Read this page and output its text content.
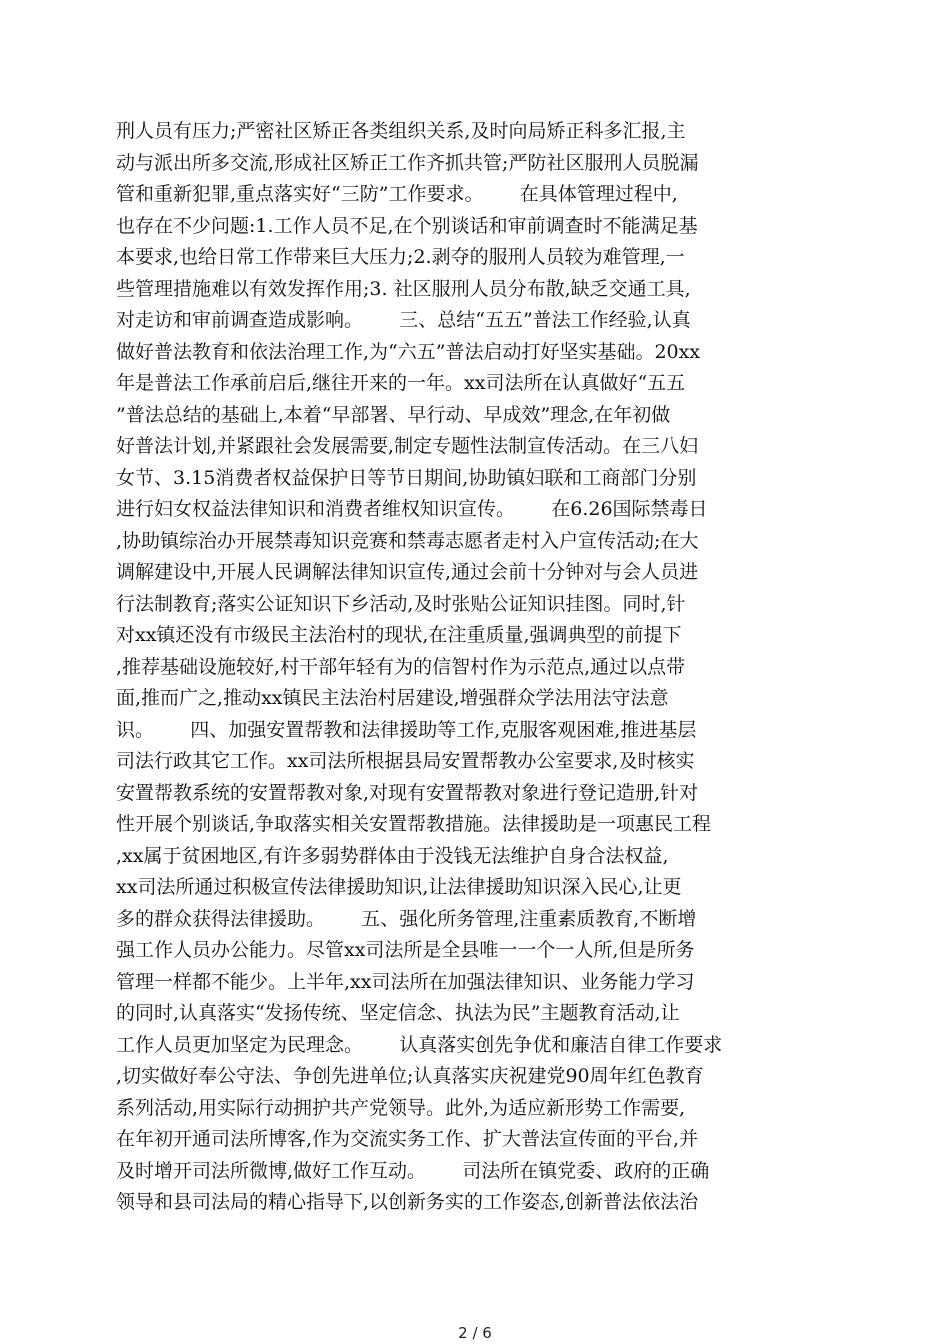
刑人员有压力;严密社区矫正各类组织关系,及时向局矫正科多汇报,主
动与派出所多交流,形成社区矫正工作齐抓共管;严防社区服刑人员脱漏
管和重新犯罪,重点落实好“三防”工作要求。      在具体管理过程中,
也存在不少问题:1.工作人员不足,在个别谈话和审前调查时不能满足基
本要求,也给日常工作带来巨大压力;2.剥夺的服刑人员较为难管理,一
些管理措施难以有效发挥作用;3. 社区服刑人员分布散,缺乏交通工具,
对走访和审前调查造成影响。      三、总结“五五”普法工作经验,认真
做好普法教育和依法治理工作,为“六五”普法启动打好坚实基础。20xx
年是普法工作承前启后,继往开来的一年。xx司法所在认真做好“五五
”普法总结的基础上,本着“早部署、早行动、早成效”理念,在年初做
好普法计划,并紧跟社会发展需要,制定专题性法制宣传活动。在三八妇
女节、3.15消费者权益保护日等节日期间,协助镇妇联和工商部门分别
进行妇女权益法律知识和消费者维权知识宣传。      在6.26国际禁毒日
,协助镇综治办开展禁毒知识竞赛和禁毒志愿者走村入户宣传活动;在大
调解建设中,开展人民调解法律知识宣传,通过会前十分钟对与会人员进
行法制教育;落实公证知识下乡活动,及时张贴公证知识挂图。同时,针
对xx镇还没有市级民主法治村的现状,在注重质量,强调典型的前提下
,推荐基础设施较好,村干部年轻有为的信智村作为示范点,通过以点带
面,推而广之,推动xx镇民主法治村居建设,增强群众学法用法守法意
识。      四、加强安置帮教和法律援助等工作,克服客观困难,推进基层
司法行政其它工作。xx司法所根据县局安置帮教办公室要求,及时核实
安置帮教系统的安置帮教对象,对现有安置帮教对象进行登记造册,针对
性开展个别谈话,争取落实相关安置帮教措施。法律援助是一项惠民工程
,xx属于贫困地区,有许多弱势群体由于没钱无法维护自身合法权益,
xx司法所通过积极宣传法律援助知识,让法律援助知识深入民心,让更
多的群众获得法律援助。      五、强化所务管理,注重素质教育,不断增
强工作人员办公能力。尽管xx司法所是全县唯一一个一人所,但是所务
管理一样都不能少。上半年,xx司法所在加强法律知识、业务能力学习
的同时,认真落实“发扬传统、坚定信念、执法为民”主题教育活动,让
工作人员更加坚定为民理念。      认真落实创先争优和廉洁自律工作要求
,切实做好奉公守法、争创先进单位;认真落实庆祝建党90周年红色教育
系列活动,用实际行动拥护共产党领导。此外,为适应新形势工作需要,
在年初开通司法所博客,作为交流实务工作、扩大普法宣传面的平台,并
及时增开司法所微博,做好工作互动。      司法所在镇党委、政府的正确
领导和县司法局的精心指导下,以创新务实的工作姿态,创新普法依法治
2 / 6
